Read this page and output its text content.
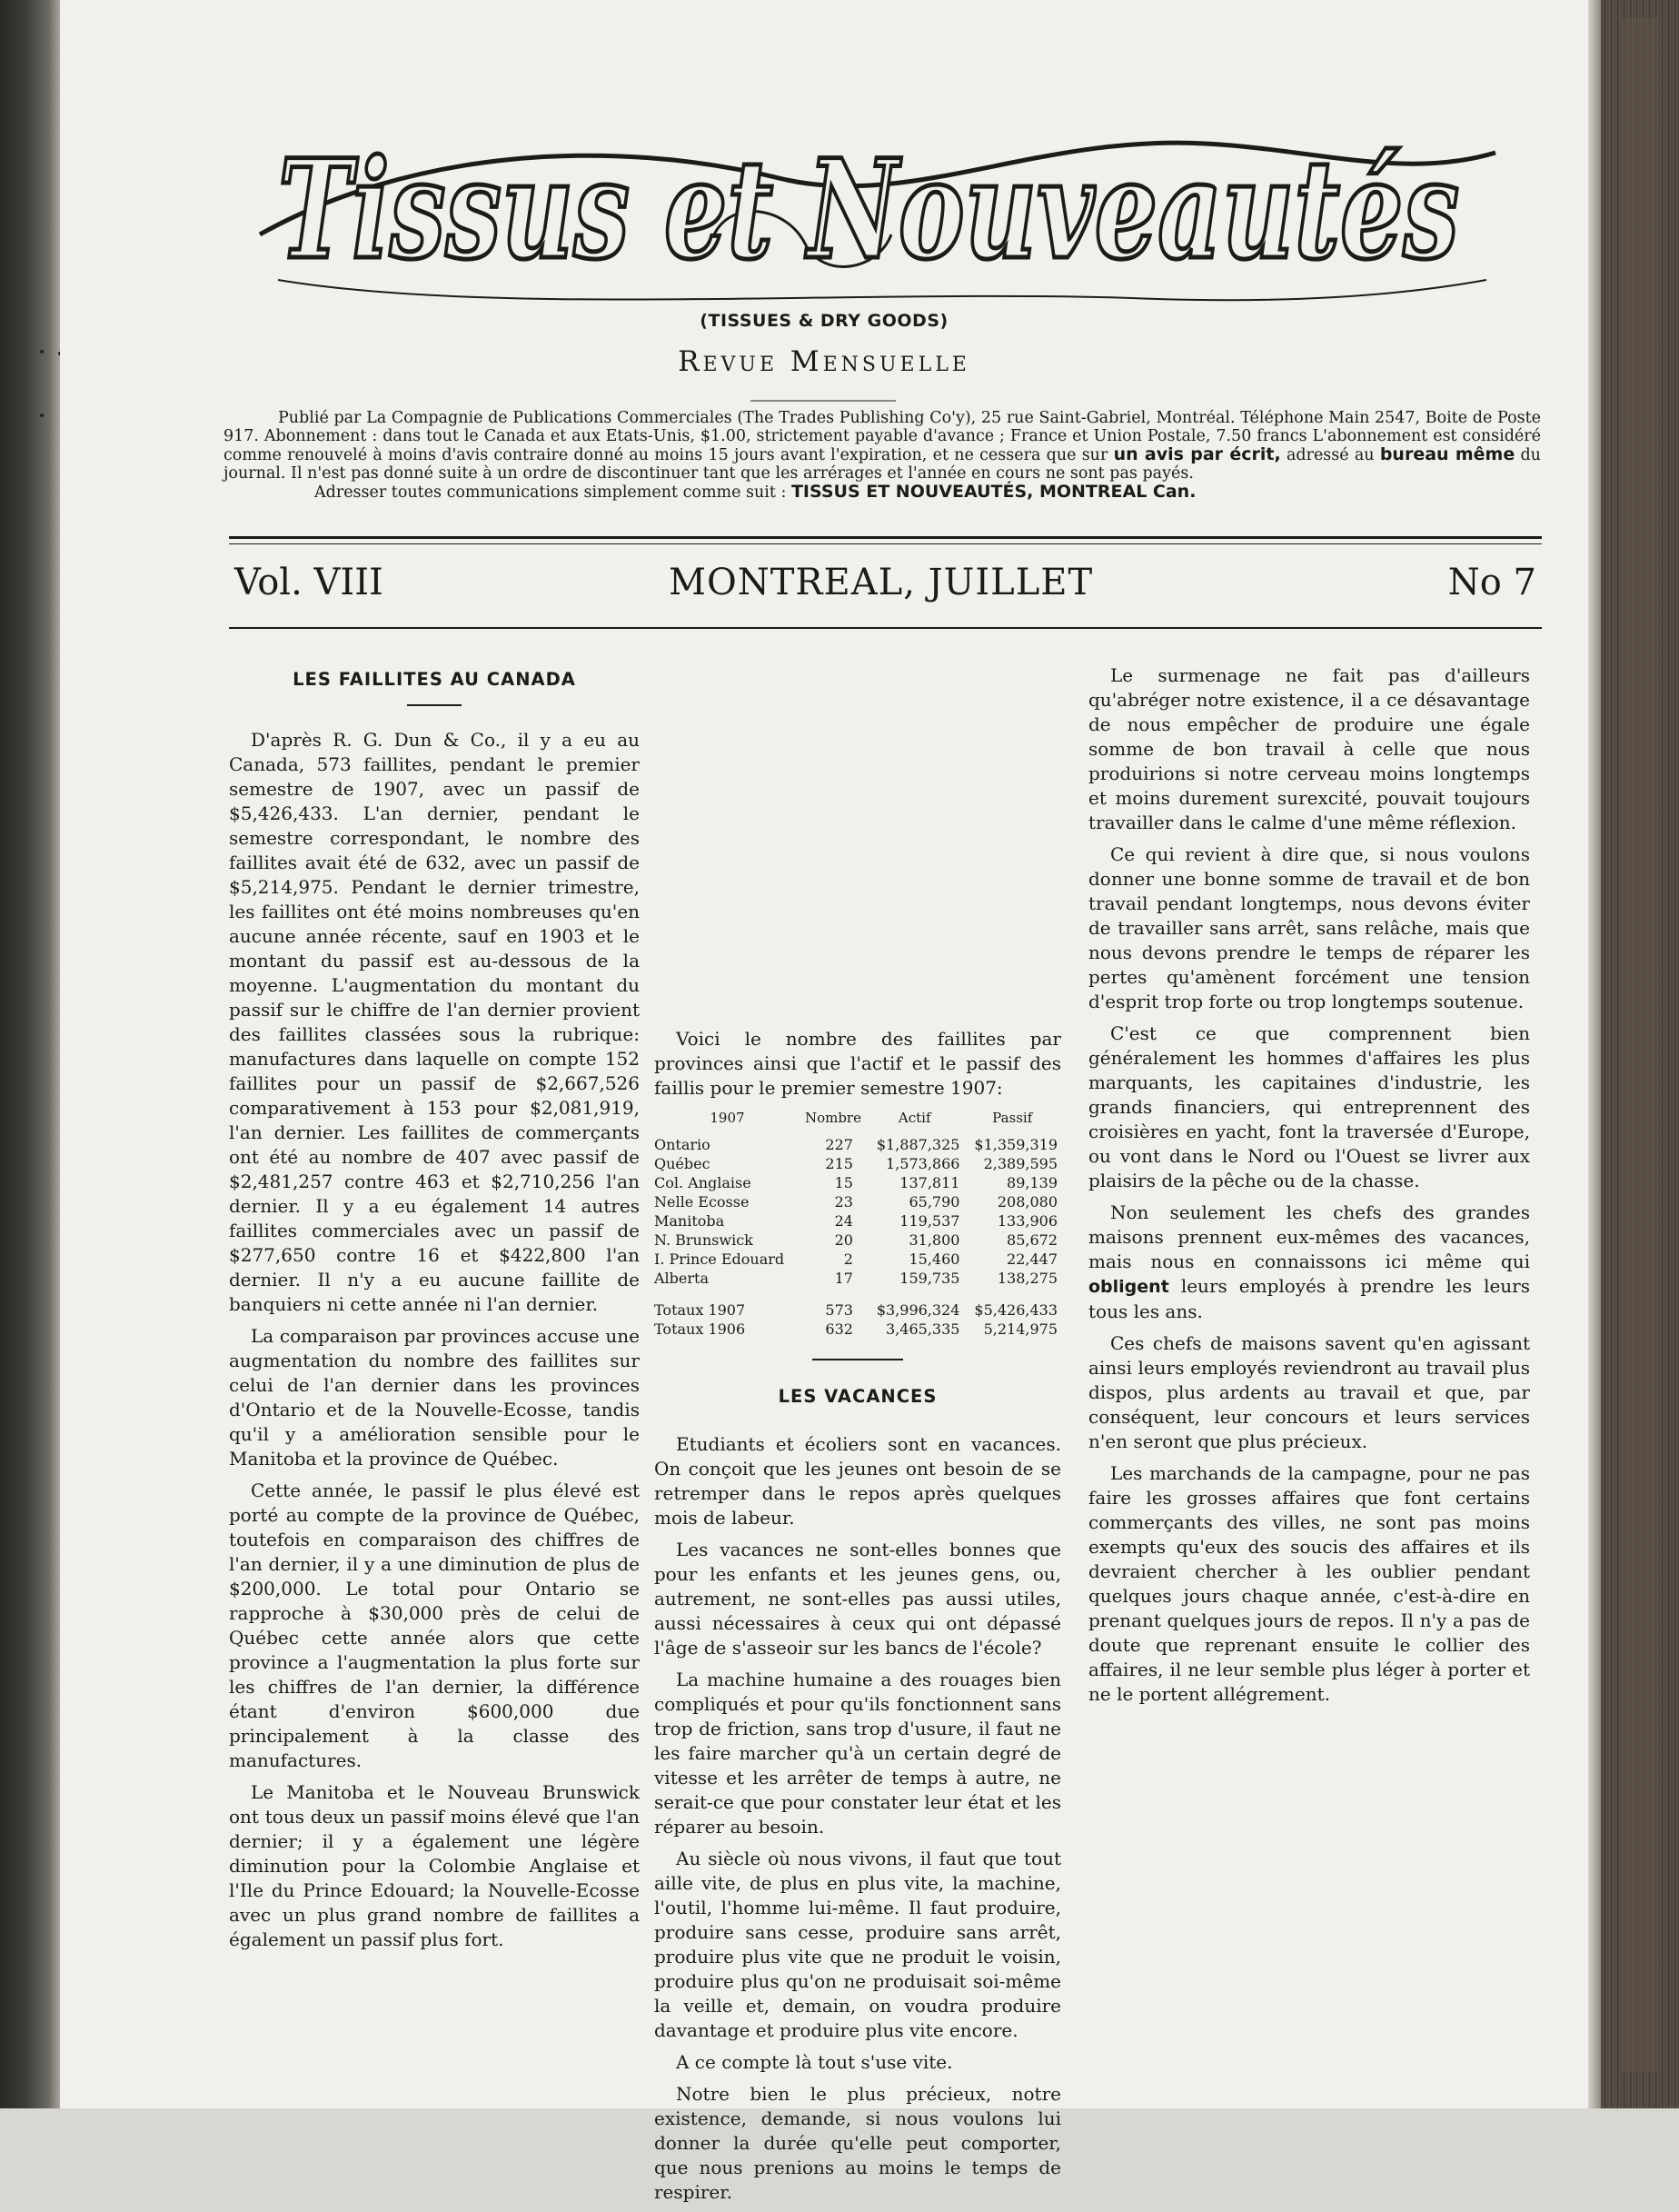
Tissus et Nouveautés
(TISSUES & DRY GOODS)
Revue Mensuelle

Publié par La Compagnie de Publications Commerciales (The Trades Publishing Co'y), 25 rue Saint-Gabriel, Montréal. Téléphone Main 2547, Boite de Poste 917. Abonnement : dans tout le Canada et aux Etats-Unis, $1.00, strictement payable d'avance ; France et Union Postale, 7.50 francs L'abonnement est considéré comme renouvelé à moins d'avis contraire donné au moins 15 jours avant l'expiration, et ne cessera que sur un avis par écrit, adressé au bureau même du journal. Il n'est pas donné suite à un ordre de discontinuer tant que les arrérages et l'année en cours ne sont pas payés.

Adresser toutes communications simplement comme suit : TISSUS ET NOUVEAUTÉS, MONTREAL Can.

Vol. VIII	MONTREAL, JUILLET	No 7
LES FAILLITES AU CANADA

D'après R. G. Dun & Co., il y a eu au Canada, 573 faillites, pendant le premier semestre de 1907, avec un passif de $5,426,433. L'an dernier, pendant le semestre correspondant, le nombre des faillites avait été de 632, avec un passif de $5,214,975. Pendant le dernier trimestre, les faillites ont été moins nombreuses qu'en aucune année récente, sauf en 1903 et le montant du passif est au-dessous de la moyenne. L'augmentation du montant du passif sur le chiffre de l'an dernier provient des faillites classées sous la rubrique: manufactures dans laquelle on compte 152 faillites pour un passif de $2,667,526 comparativement à 153 pour $2,081,919, l'an dernier. Les faillites de commerçants ont été au nombre de 407 avec passif de $2,481,257 contre 463 et $2,710,256 l'an dernier. Il y a eu également 14 autres faillites commerciales avec un passif de $277,650 contre 16 et $422,800 l'an dernier. Il n'y a eu aucune faillite de banquiers ni cette année ni l'an dernier.

La comparaison par provinces accuse une augmentation du nombre des faillites sur celui de l'an dernier dans les provinces d'Ontario et de la Nouvelle-Ecosse, tandis qu'il y a amélioration sensible pour le Manitoba et la province de Québec.

Cette année, le passif le plus élevé est porté au compte de la province de Québec, toutefois en comparaison des chiffres de l'an dernier, il y a une diminution de plus de $200,000. Le total pour Ontario se rapproche à $30,000 près de celui de Québec cette année alors que cette province a l'augmentation la plus forte sur les chiffres de l'an dernier, la différence étant d'environ $600,000 due principalement à la classe des manufactures.

Le Manitoba et le Nouveau Brunswick ont tous deux un passif moins élevé que l'an dernier; il y a également une légère diminution pour la Colombie Anglaise et l'Ile du Prince Edouard; la Nouvelle-Ecosse avec un plus grand nombre de faillites a également un passif plus fort.

Voici le nombre des faillites par provinces ainsi que l'actif et le passif des faillis pour le premier semestre 1907:

1907	Nombre	Actif	Passif
Ontario	227	$1,887,325	$1,359,319
Québec	215	1,573,866	2,389,595
Col. Anglaise	15	137,811	89,139
Nelle Ecosse	23	65,790	208,080
Manitoba	24	119,537	133,906
N. Brunswick	20	31,800	85,672
I. Prince Edouard	2	15,460	22,447
Alberta	17	159,735	138,275

Totaux 1907	573	$3,996,324	$5,426,433
Totaux 1906	632	3,465,335	5,214,975
LES VACANCES

Etudiants et écoliers sont en vacances. On conçoit que les jeunes ont besoin de se retremper dans le repos après quelques mois de labeur.

Les vacances ne sont-elles bonnes que pour les enfants et les jeunes gens, ou, autrement, ne sont-elles pas aussi utiles, aussi nécessaires à ceux qui ont dépassé l'âge de s'asseoir sur les bancs de l'école?

La machine humaine a des rouages bien compliqués et pour qu'ils fonctionnent sans trop de friction, sans trop d'usure, il faut ne les faire marcher qu'à un certain degré de vitesse et les arrêter de temps à autre, ne serait-ce que pour constater leur état et les réparer au besoin.

Au siècle où nous vivons, il faut que tout aille vite, de plus en plus vite, la machine, l'outil, l'homme lui-même. Il faut produire, produire sans cesse, produire sans arrêt, produire plus vite que ne produit le voisin, produire plus qu'on ne produisait soi-même la veille et, demain, on voudra produire davantage et produire plus vite encore.

A ce compte là tout s'use vite.

Notre bien le plus précieux, notre existence, demande, si nous voulons lui donner la durée qu'elle peut comporter, que nous prenions au moins le temps de respirer.

Le surmenage ne fait pas d'ailleurs qu'abréger notre existence, il a ce désavantage de nous empêcher de produire une égale somme de bon travail à celle que nous produirions si notre cerveau moins longtemps et moins durement surexcité, pouvait toujours travailler dans le calme d'une même réflexion.

Ce qui revient à dire que, si nous voulons donner une bonne somme de travail et de bon travail pendant longtemps, nous devons éviter de travailler sans arrêt, sans relâche, mais que nous devons prendre le temps de réparer les pertes qu'amènent forcément une tension d'esprit trop forte ou trop longtemps soutenue.

C'est ce que comprennent bien généralement les hommes d'affaires les plus marquants, les capitaines d'industrie, les grands financiers, qui entreprennent des croisières en yacht, font la traversée d'Europe, ou vont dans le Nord ou l'Ouest se livrer aux plaisirs de la pêche ou de la chasse.

Non seulement les chefs des grandes maisons prennent eux-mêmes des vacances, mais nous en connaissons ici même qui obligent leurs employés à prendre les leurs tous les ans.

Ces chefs de maisons savent qu'en agissant ainsi leurs employés reviendront au travail plus dispos, plus ardents au travail et que, par conséquent, leur concours et leurs services n'en seront que plus précieux.

Les marchands de la campagne, pour ne pas faire les grosses affaires que font certains commerçants des villes, ne sont pas moins exempts qu'eux des soucis des affaires et ils devraient chercher à les oublier pendant quelques jours chaque année, c'est-à-dire en prenant quelques jours de repos. Il n'y a pas de doute que reprenant ensuite le collier des affaires, il ne leur semble plus léger à porter et ne le portent allégrement.
